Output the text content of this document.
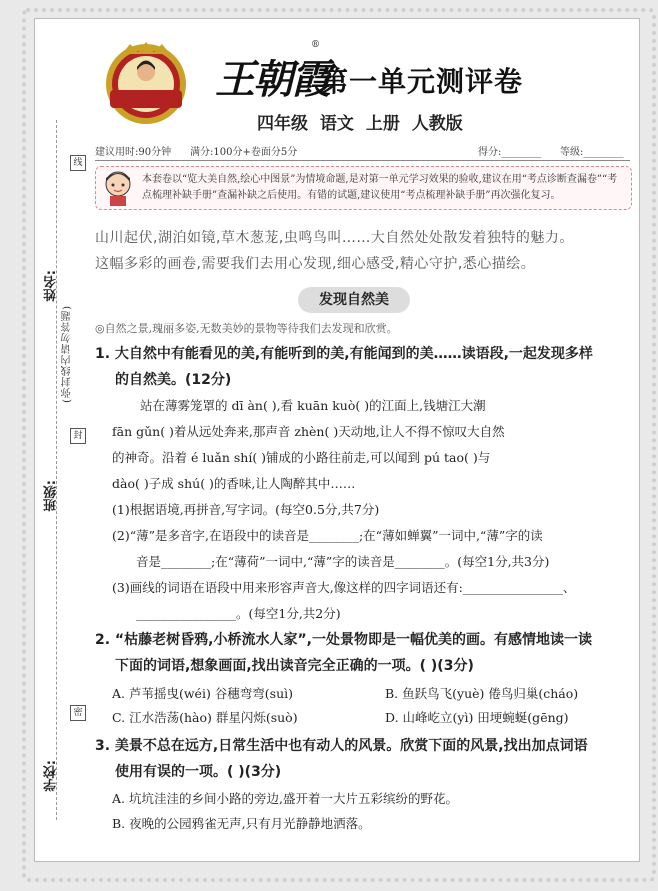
姓名:
班级:
学校:
(弥封线内请勿答题)
线
封
密
王朝霞
®
第一单元测评卷
四年级 语文 上册 人教版
建议用时:90分钟 满分:100分+卷面分5分	得分:________ 等级:________
本套卷以“览大美自然,绘心中图景”为情境命题,是对第一单元学习效果的验收,建议在用“考点诊断查漏卷”“考点梳理补缺手册”查漏补缺之后使用。有错的试题,建议使用“考点梳理补缺手册”再次强化复习。
山川起伏,湖泊如镜,草木葱茏,虫鸣鸟叫……大自然处处散发着独特的魅力。
这幅多彩的画卷,需要我们去用心发现,细心感受,精心守护,悉心描绘。
发现自然美
◎自然之景,瑰丽多姿,无数美妙的景物等待我们去发现和欣赏。
1. 大自然中有能看见的美,有能听到的美,有能闻到的美……读语段,一起发现多样
的自然美。(12分)
站在薄雾笼罩的 dī àn( ),看 kuān kuò( )的江面上,钱塘江大潮
fān gǔn( )着从远处奔来,那声音 zhèn( )天动地,让人不得不惊叹大自然
的神奇。沿着 é luǎn shí( )铺成的小路往前走,可以闻到 pú tao( )与
dào( )子成 shú( )的香味,让人陶醉其中……
(1)根据语境,再拼音,写字词。(每空0.5分,共7分)
(2)“薄”是多音字,在语段中的读音是________;在“薄如蝉翼”一词中,“薄”字的读
音是________;在“薄荷”一词中,“薄”字的读音是________。(每空1分,共3分)
(3)画线的词语在语段中用来形容声音大,像这样的四字词语还有:________________、
________________。(每空1分,共2分)
2. “枯藤老树昏鸦,小桥流水人家”,一处景物即是一幅优美的画。有感情地读一读
下面的词语,想象画面,找出读音完全正确的一项。( )(3分)
A. 芦苇摇曳(wéi) 谷穗弯弯(suì)	B. 鱼跃鸟飞(yuè) 倦鸟归巢(cháo)
C. 江水浩荡(hào) 群星闪烁(suò)	D. 山峰屹立(yì) 田埂蜿蜒(gēng)
3. 美景不总在远方,日常生活中也有动人的风景。欣赏下面的风景,找出加点词语
使用有误的一项。( )(3分)
A. 坑坑洼洼的乡间小路的旁边,盛开着一大片五彩缤纷的野花。
B. 夜晚的公园鸦雀无声,只有月光静静地洒落。
